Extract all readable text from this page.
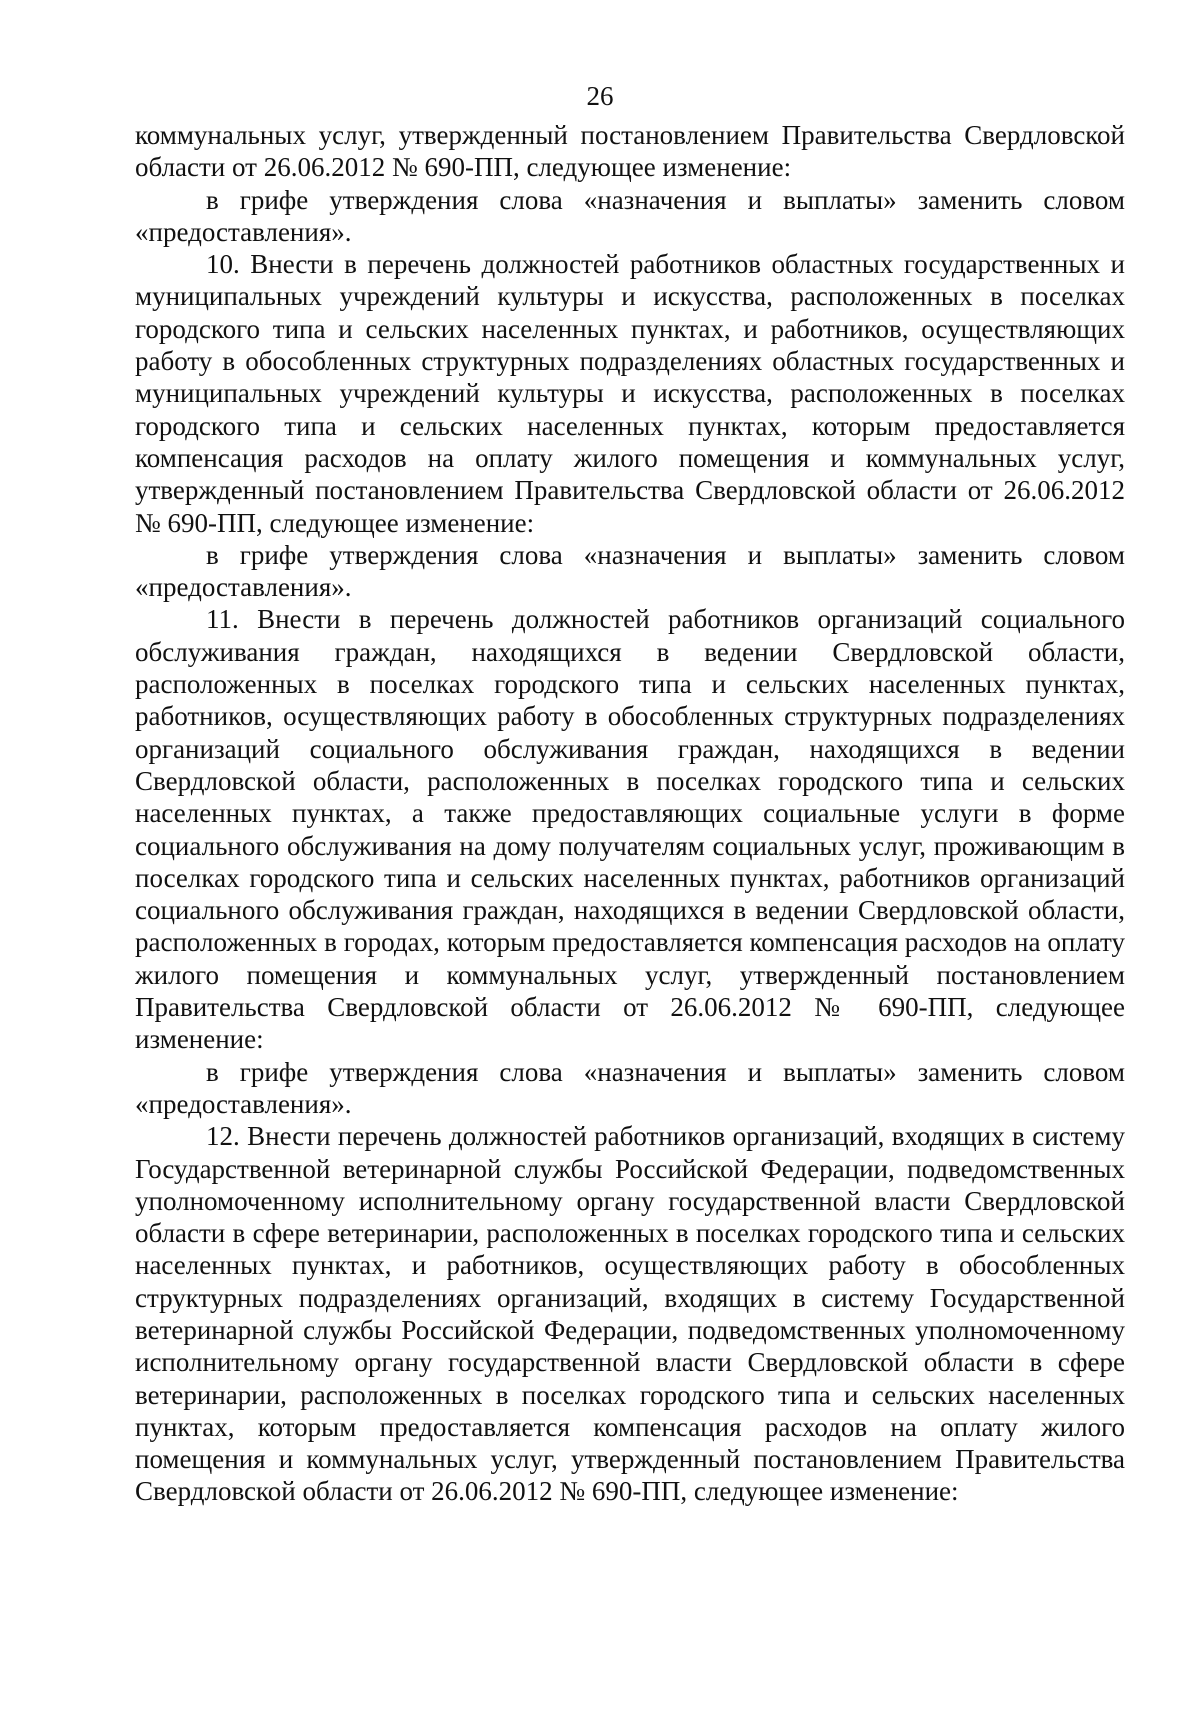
26

коммунальных услуг, утвержденный постановлением Правительства Свердловской области от 26.06.2012 № 690-ПП, следующее изменение:

в грифе утверждения слова «назначения и выплаты» заменить словом «предоставления».

10. Внести в перечень должностей работников областных государственных и муниципальных учреждений культуры и искусства, расположенных в поселках городского типа и сельских населенных пунктах, и работников, осуществляющих работу в обособленных структурных подразделениях областных государственных и муниципальных учреждений культуры и искусства, расположенных в поселках городского типа и сельских населенных пунктах, которым предоставляется компенсация расходов на оплату жилого помещения и коммунальных услуг, утвержденный постановлением Правительства Свердловской области от 26.06.2012 № 690-ПП, следующее изменение:

в грифе утверждения слова «назначения и выплаты» заменить словом «предоставления».

11. Внести в перечень должностей работников организаций социального обслуживания граждан, находящихся в ведении Свердловской области, расположенных в поселках городского типа и сельских населенных пунктах, работников, осуществляющих работу в обособленных структурных подразделениях организаций социального обслуживания граждан, находящихся в ведении Свердловской области, расположенных в поселках городского типа и сельских населенных пунктах, а также предоставляющих социальные услуги в форме социального обслуживания на дому получателям социальных услуг, проживающим в поселках городского типа и сельских населенных пунктах, работников организаций социального обслуживания граждан, находящихся в ведении Свердловской области, расположенных в городах, которым предоставляется компенсация расходов на оплату жилого помещения и коммунальных услуг, утвержденный постановлением Правительства Свердловской области от 26.06.2012 № 690-ПП, следующее изменение:

в грифе утверждения слова «назначения и выплаты» заменить словом «предоставления».

12. Внести перечень должностей работников организаций, входящих в систему Государственной ветеринарной службы Российской Федерации, подведомственных уполномоченному исполнительному органу государственной власти Свердловской области в сфере ветеринарии, расположенных в поселках городского типа и сельских населенных пунктах, и работников, осуществляющих работу в обособленных структурных подразделениях организаций, входящих в систему Государственной ветеринарной службы Российской Федерации, подведомственных уполномоченному исполнительному органу государственной власти Свердловской области в сфере ветеринарии, расположенных в поселках городского типа и сельских населенных пунктах, которым предоставляется компенсация расходов на оплату жилого помещения и коммунальных услуг, утвержденный постановлением Правительства Свердловской области от 26.06.2012 № 690-ПП, следующее изменение:
